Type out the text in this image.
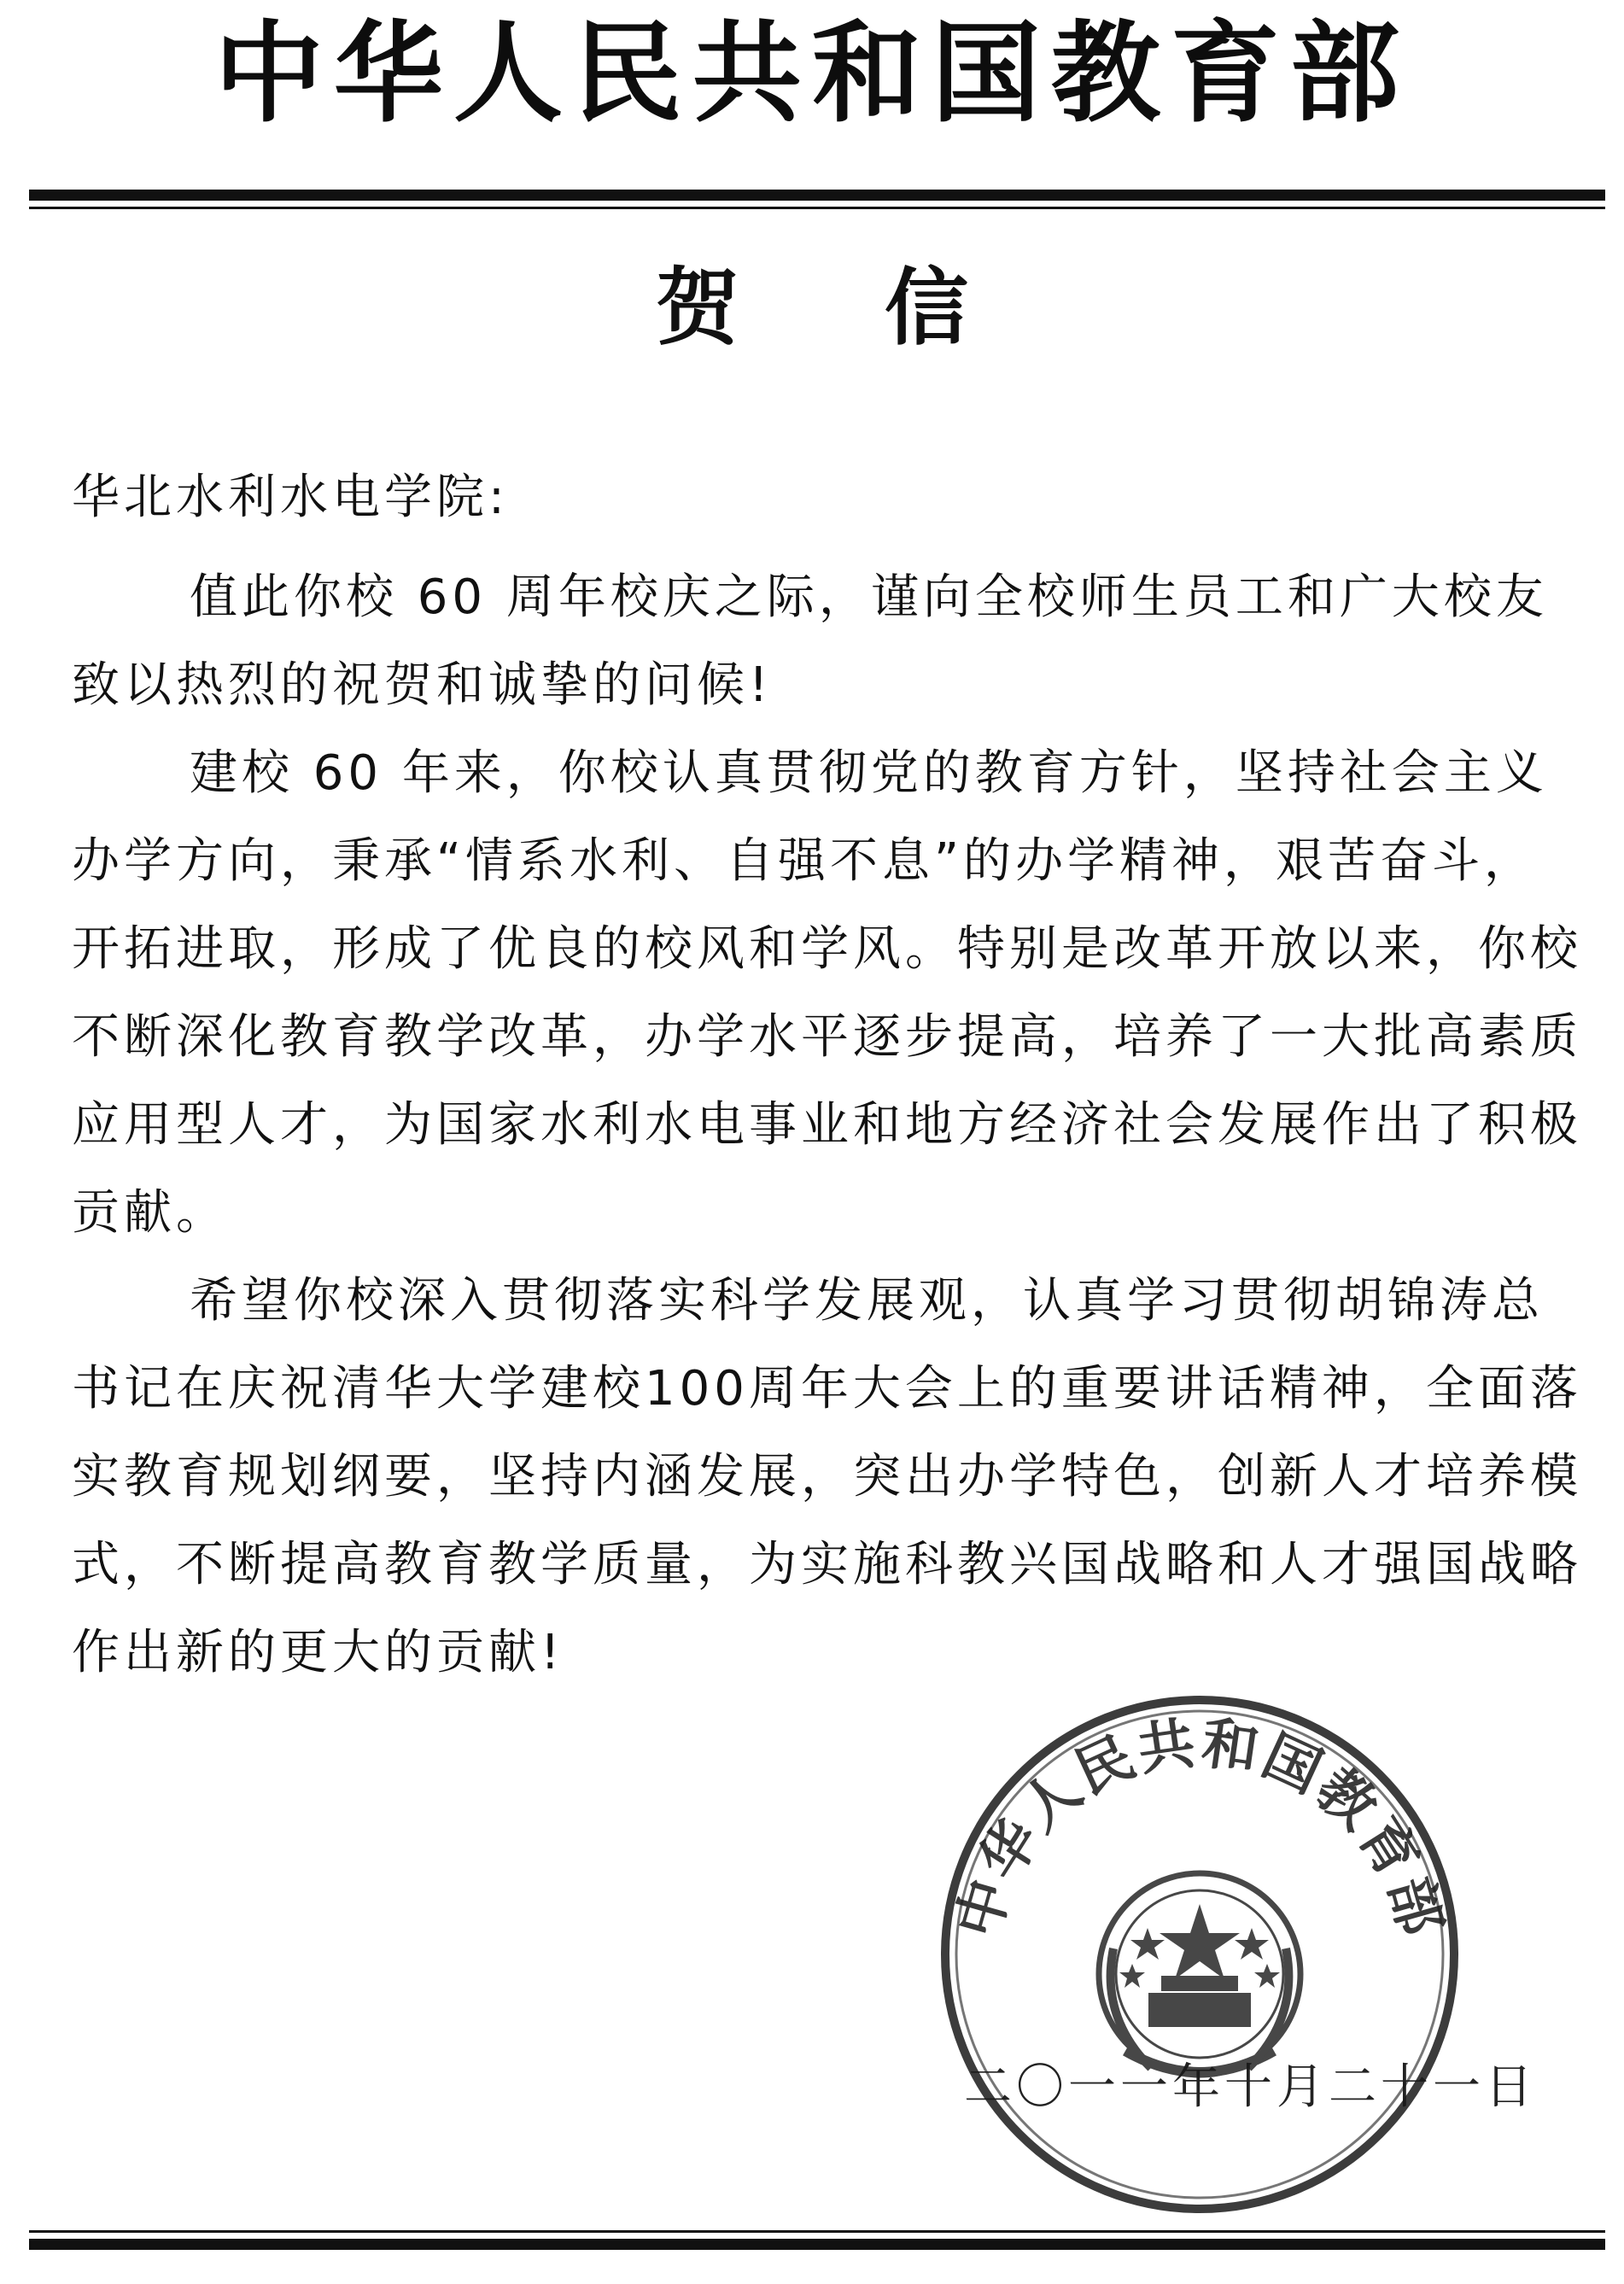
中华人民共和国教育部
贺信
华北水利水电学院:

值此你校 60 周年校庆之际，谨向全校师生员工和广大校友致以热烈的祝贺和诚挚的问候!

建校 60 年来，你校认真贯彻党的教育方针，坚持社会主义办学方向，秉承“情系水利、自强不息”的办学精神，艰苦奋斗，开拓进取，形成了优良的校风和学风。特别是改革开放以来，你校不断深化教育教学改革，办学水平逐步提高，培养了一大批高素质应用型人才，为国家水利水电事业和地方经济社会发展作出了积极贡献。

希望你校深入贯彻落实科学发展观，认真学习贯彻胡锦涛总书记在庆祝清华大学建校100周年大会上的重要讲话精神，全面落实教育规划纲要，坚持内涵发展，突出办学特色，创新人才培养模式，不断提高教育教学质量，为实施科教兴国战略和人才强国战略作出新的更大的贡献!

二〇一一年十月二十一日
中华人民共和国教育部
